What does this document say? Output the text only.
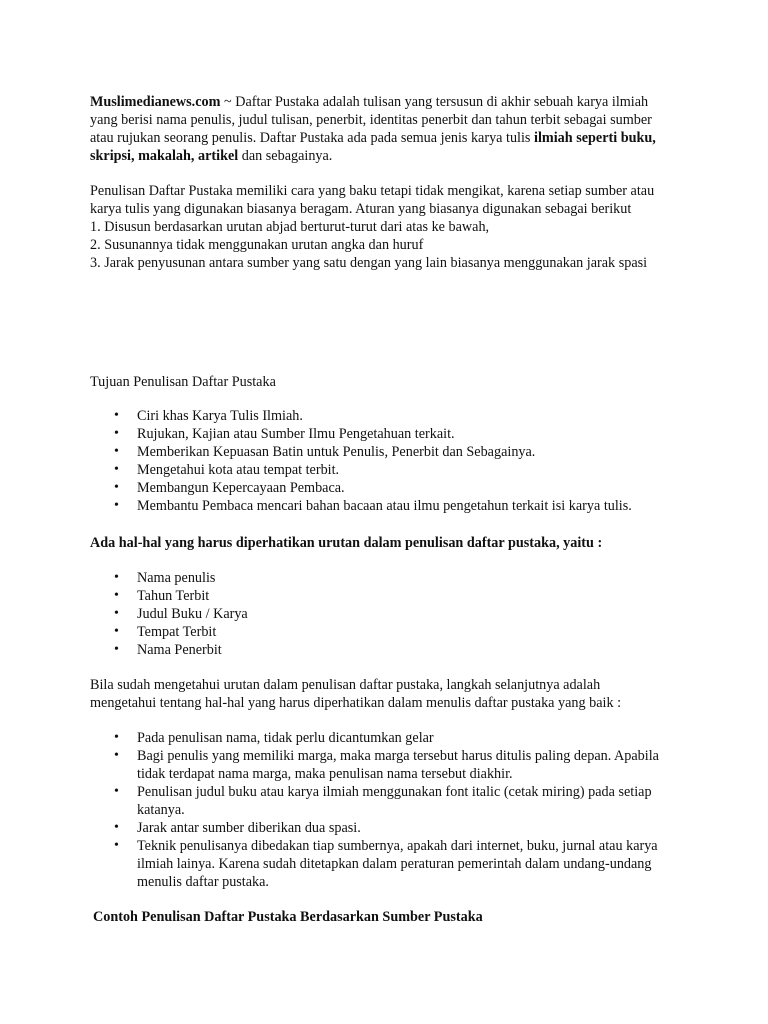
Muslimedianews.com ~ Daftar Pustaka adalah tulisan yang tersusun di akhir sebuah karya ilmiah yang berisi nama penulis, judul tulisan, penerbit, identitas penerbit dan tahun terbit sebagai sumber atau rujukan seorang penulis. Daftar Pustaka ada pada semua jenis karya tulis ilmiah seperti buku, skripsi, makalah, artikel dan sebagainya.

Penulisan Daftar Pustaka memiliki cara yang baku tetapi tidak mengikat, karena setiap sumber atau karya tulis yang digunakan biasanya beragam. Aturan yang biasanya digunakan sebagai berikut

1. Disusun berdasarkan urutan abjad berturut-turut dari atas ke bawah,

2. Susunannya tidak menggunakan urutan angka dan huruf

3. Jarak penyusunan antara sumber yang satu dengan yang lain biasanya menggunakan jarak spasi

Tujuan Penulisan Daftar Pustaka

• Ciri khas Karya Tulis Ilmiah.
• Rujukan, Kajian atau Sumber Ilmu Pengetahuan terkait.
• Memberikan Kepuasan Batin untuk Penulis, Penerbit dan Sebagainya.
• Mengetahui kota atau tempat terbit.
• Membangun Kepercayaan Pembaca.
• Membantu Pembaca mencari bahan bacaan atau ilmu pengetahun terkait isi karya tulis.

Ada hal-hal yang harus diperhatikan urutan dalam penulisan daftar pustaka, yaitu :

• Nama penulis
• Tahun Terbit
• Judul Buku / Karya
• Tempat Terbit
• Nama Penerbit

Bila sudah mengetahui urutan dalam penulisan daftar pustaka, langkah selanjutnya adalah mengetahui tentang hal-hal yang harus diperhatikan dalam menulis daftar pustaka yang baik :

• Pada penulisan nama, tidak perlu dicantumkan gelar
• Bagi penulis yang memiliki marga, maka marga tersebut harus ditulis paling depan. Apabila tidak terdapat nama marga, maka penulisan nama tersebut diakhir.
• Penulisan judul buku atau karya ilmiah menggunakan font italic (cetak miring) pada setiap katanya.
• Jarak antar sumber diberikan dua spasi.
• Teknik penulisanya dibedakan tiap sumbernya, apakah dari internet, buku, jurnal atau karya ilmiah lainya. Karena sudah ditetapkan dalam peraturan pemerintah dalam undang-undang menulis daftar pustaka.

Contoh Penulisan Daftar Pustaka Berdasarkan Sumber Pustaka
